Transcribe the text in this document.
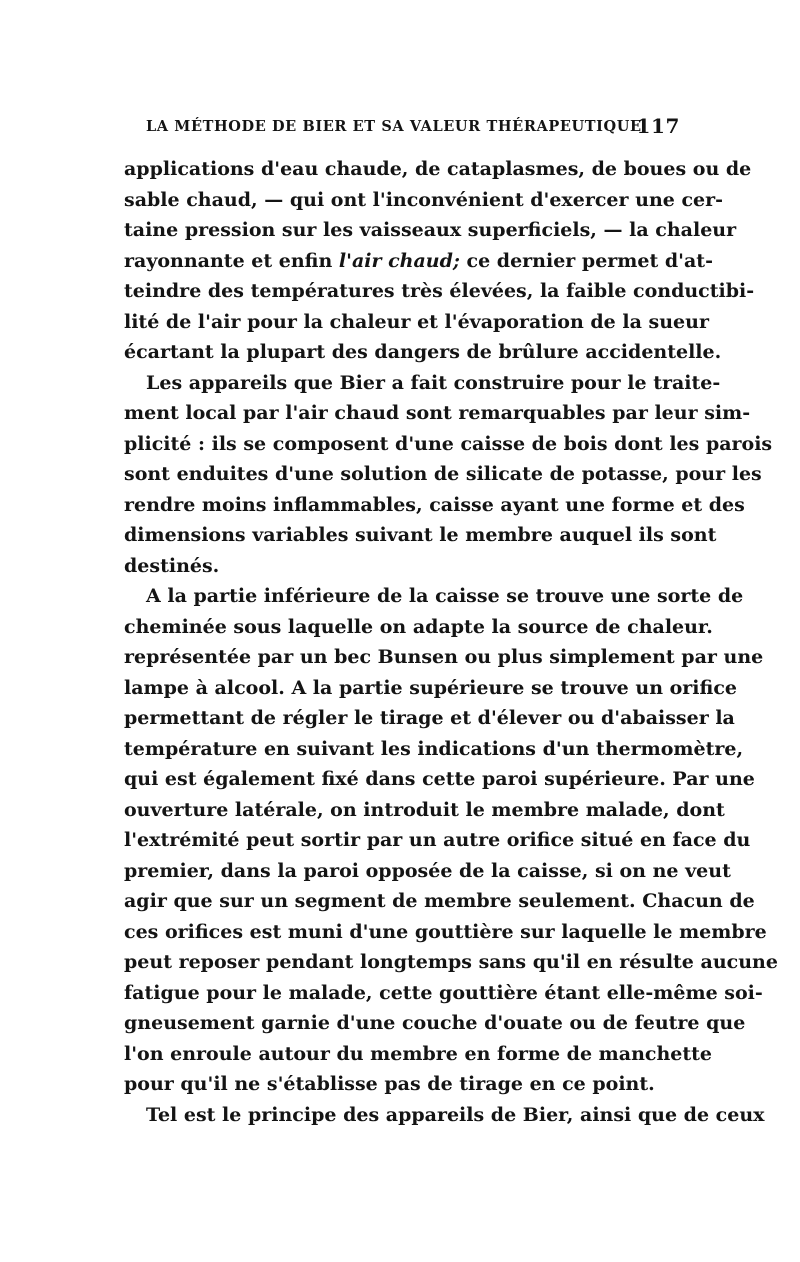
LA MÉTHODE DE BIER ET SA VALEUR THÉRAPEUTIQUE
117
applications d'eau chaude, de cataplasmes, de boues ou de
sable chaud, — qui ont l'inconvénient d'exercer une cer-
taine pression sur les vaisseaux superficiels, — la chaleur
rayonnante et enfin l'air chaud; ce dernier permet d'at-
teindre des températures très élevées, la faible conductibi-
lité de l'air pour la chaleur et l'évaporation de la sueur
écartant la plupart des dangers de brûlure accidentelle.
Les appareils que Bier a fait construire pour le traite-
ment local par l'air chaud sont remarquables par leur sim-
plicité : ils se composent d'une caisse de bois dont les parois
sont enduites d'une solution de silicate de potasse, pour les
rendre moins inflammables, caisse ayant une forme et des
dimensions variables suivant le membre auquel ils sont
destinés.
A la partie inférieure de la caisse se trouve une sorte de
cheminée sous laquelle on adapte la source de chaleur.
représentée par un bec Bunsen ou plus simplement par une
lampe à alcool. A la partie supérieure se trouve un orifice
permettant de régler le tirage et d'élever ou d'abaisser la
température en suivant les indications d'un thermomètre,
qui est également fixé dans cette paroi supérieure. Par une
ouverture latérale, on introduit le membre malade, dont
l'extrémité peut sortir par un autre orifice situé en face du
premier, dans la paroi opposée de la caisse, si on ne veut
agir que sur un segment de membre seulement. Chacun de
ces orifices est muni d'une gouttière sur laquelle le membre
peut reposer pendant longtemps sans qu'il en résulte aucune
fatigue pour le malade, cette gouttière étant elle-même soi-
gneusement garnie d'une couche d'ouate ou de feutre que
l'on enroule autour du membre en forme de manchette
pour qu'il ne s'établisse pas de tirage en ce point.
Tel est le principe des appareils de Bier, ainsi que de ceux
